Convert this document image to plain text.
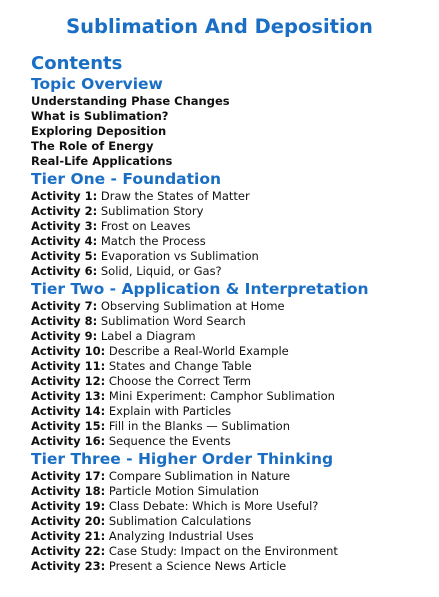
Sublimation And Deposition
Contents
Topic Overview
Understanding Phase Changes
What is Sublimation?
Exploring Deposition
The Role of Energy
Real-Life Applications
Tier One - Foundation
Activity 1: Draw the States of Matter
Activity 2: Sublimation Story
Activity 3: Frost on Leaves
Activity 4: Match the Process
Activity 5: Evaporation vs Sublimation
Activity 6: Solid, Liquid, or Gas?
Tier Two - Application & Interpretation
Activity 7: Observing Sublimation at Home
Activity 8: Sublimation Word Search
Activity 9: Label a Diagram
Activity 10: Describe a Real-World Example
Activity 11: States and Change Table
Activity 12: Choose the Correct Term
Activity 13: Mini Experiment: Camphor Sublimation
Activity 14: Explain with Particles
Activity 15: Fill in the Blanks — Sublimation
Activity 16: Sequence the Events
Tier Three - Higher Order Thinking
Activity 17: Compare Sublimation in Nature
Activity 18: Particle Motion Simulation
Activity 19: Class Debate: Which is More Useful?
Activity 20: Sublimation Calculations
Activity 21: Analyzing Industrial Uses
Activity 22: Case Study: Impact on the Environment
Activity 23: Present a Science News Article
